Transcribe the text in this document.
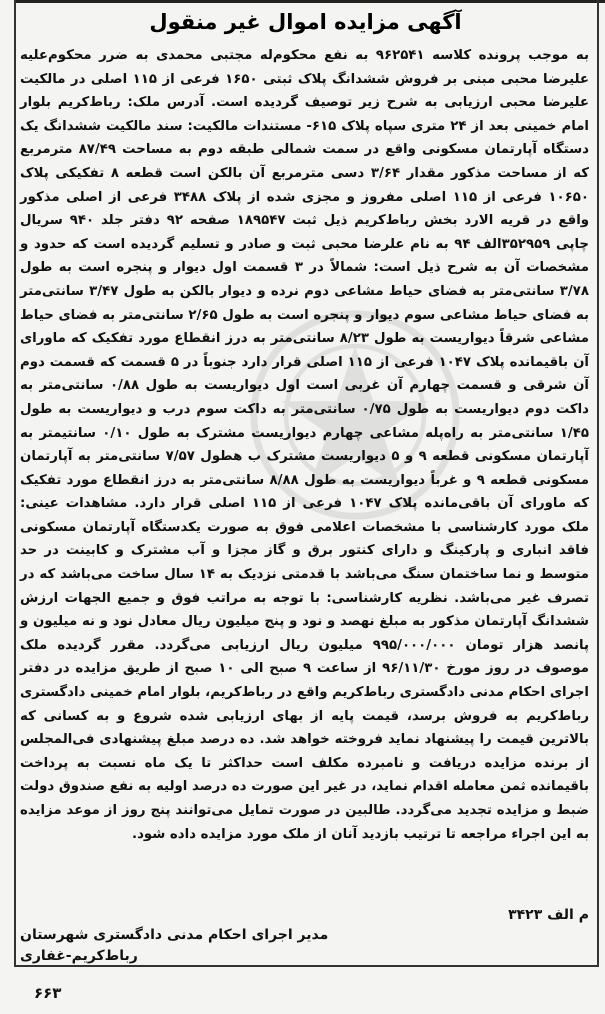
آگهی مزایده اموال غیر منقول
به موجب پرونده کلاسه ۹۶۲۵۴۱ به نفع محکوم‌له مجتبی محمدی به ضرر محکوم‌علیه علیرضا محبی مبنی بر فروش ششدانگ پلاک ثبتی ۱۶۵۰ فرعی از ۱۱۵ اصلی در مالکیت علیرضا محبی ارزیابی به شرح زیر توصیف گردیده است. آدرس ملک: رباط‌کریم بلوار امام خمینی بعد از ۲۴ متری سپاه پلاک ۶۱۵- مستندات مالکیت: سند مالکیت ششدانگ یک دستگاه آپارتمان مسکونی واقع در سمت شمالی طبقه دوم به مساحت ۸۷/۴۹ مترمربع که از مساحت مذکور مقدار ۳/۶۴ دسی مترمربع آن بالکن است قطعه ۸ تفکیکی پلاک ۱۰۶۵۰ فرعی از ۱۱۵ اصلی مفروز و مجزی شده از پلاک ۳۴۸۸ فرعی از اصلی مذکور واقع در قریه الارد بخش رباط‌کریم ذیل ثبت ۱۸۹۵۴۷ صفحه ۹۲ دفتر جلد ۹۴۰ سریال چاپی ۳۵۲۹۵۹الف ۹۴ به نام علرضا محبی ثبت و صادر و تسلیم گردیده است که حدود و مشخصات آن به شرح ذیل است: شمالاً در ۳ قسمت اول دیوار و پنجره است به طول ۳/۷۸ سانتی‌متر به فضای حیاط مشاعی دوم نرده و دیوار بالکن به طول ۳/۴۷ سانتی‌متر به فضای حیاط مشاعی سوم دیوار و پنجره است به طول ۲/۶۵ سانتی‌متر به فضای حیاط مشاعی شرقاً دیواریست به طول ۸/۲۳ سانتی‌متر به درز انقطاع مورد تفکیک که ماورای آن باقیمانده پلاک ۱۰۴۷ فرعی از ۱۱۵ اصلی قرار دارد جنوباً در ۵ قسمت که قسمت دوم آن شرقی و قسمت چهارم آن غربی است اول دیواریست به طول ۰/۸۸ سانتی‌متر به داکت دوم دیواریست به طول ۰/۷۵ سانتی‌متر به داکت سوم درب و دیواریست به طول ۱/۴۵ سانتی‌متر به راه‌پله مشاعی چهارم دیواریست مشترک به طول ۰/۱۰ سانتیمتر به آپارتمان مسکونی قطعه ۹ و ۵ دیواریست مشترک ب هطول ۷/۵۷ سانتی‌متر به آپارتمان مسکونی قطعه ۹ و غرباً دیواریست به طول ۸/۸۸ سانتی‌متر به درز انقطاع مورد تفکیک که ماورای آن باقی‌مانده پلاک ۱۰۴۷ فرعی از ۱۱۵ اصلی قرار دارد. مشاهدات عینی: ملک مورد کارشناسی با مشخصات اعلامی فوق به صورت یکدستگاه آپارتمان مسکونی فاقد انباری و پارکینگ و دارای کنتور برق و گاز مجزا و آب مشترک و کابینت در حد متوسط و نما ساختمان سنگ می‌باشد با قدمتی نزدیک به ۱۴ سال ساخت می‌باشد که در تصرف غیر می‌باشد. نظریه کارشناسی: با توجه به مراتب فوق و جمیع الجهات ارزش ششدانگ آپارتمان مذکور به مبلغ نهصد و نود و پنج میلیون ریال معادل نود و نه میلیون و پانصد هزار تومان ۹۹۵/۰۰۰/۰۰۰ میلیون ریال ارزیابی می‌گردد. مقرر گردیده ملک موصوف در روز مورخ ۹۶/۱۱/۳۰ از ساعت ۹ صبح الی ۱۰ صبح از طریق مزایده در دفتر اجرای احکام مدنی دادگستری رباط‌کریم واقع در رباط‌کریم، بلوار امام خمینی دادگستری رباط‌کریم به فروش برسد، قیمت پایه از بهای ارزیابی شده شروع و به کسانی که بالاترین قیمت را پیشنهاد نماید فروخته خواهد شد. ده درصد مبلغ پیشنهادی فی‌المجلس از برنده مزایده دریافت و نامبرده مکلف است حداکثر تا یک ماه نسبت به پرداخت باقیمانده ثمن معامله اقدام نماید، در غیر این صورت ده درصد اولیه به نفع صندوق دولت ضبط و مزایده تجدید می‌گردد. طالبین در صورت تمایل می‌توانند پنج روز از موعد مزایده به این اجراء مراجعه تا ترتیب بازدید آنان از ملک مورد مزایده داده شود.
م الف ۳۴۲۳
مدیر اجرای احکام مدنی دادگستری شهرستان
رباط‌کریم-غفاری
۶۶۳
